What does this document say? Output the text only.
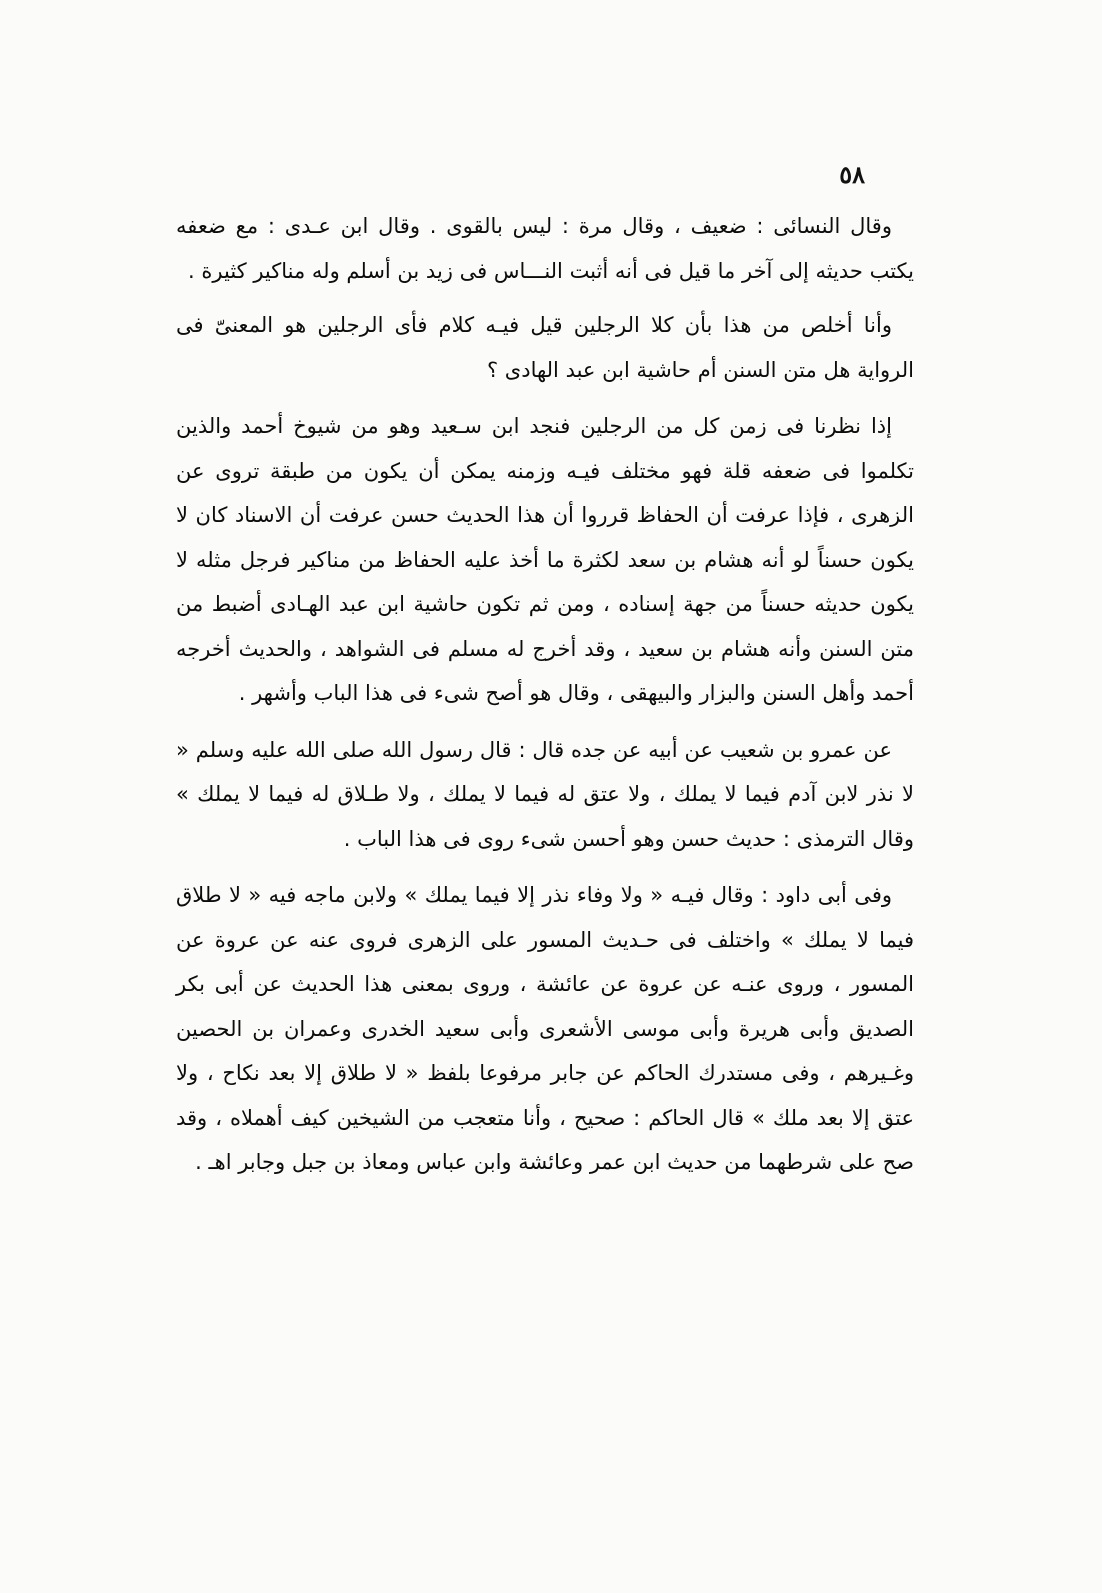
٥٨

وقال النسائى : ضعيف ، وقال مرة : ليس بالقوى . وقال ابن عـدى : مع ضعفه يكتب حديثه إلى آخر ما قيل فى أنه أثبت النـــاس فى زيد بن أسلم وله مناكير كثيرة .

وأنا أخلص من هذا بأن كلا الرجلين قيل فيـه كلام فأى الرجلين هو المعنىّ فى الرواية هل متن السنن أم حاشية ابن عبد الهادى ؟

إذا نظرنا فى زمن كل من الرجلين فنجد ابن سـعيد وهو من شيوخ أحمد والذين تكلموا فى ضعفه قلة فهو مختلف فيـه وزمنه يمكن أن يكون من طبقة تروى عن الزهرى ، فإذا عرفت أن الحفاظ قرروا أن هذا الحديث حسن عرفت أن الاسناد كان لا يكون حسناً لو أنه هشام بن سعد لكثرة ما أخذ عليه الحفاظ من مناكير فرجل مثله لا يكون حديثه حسناً من جهة إسناده ، ومن ثم تكون حاشية ابن عبد الهـادى أضبط من متن السنن وأنه هشام بن سعيد ، وقد أخرج له مسلم فى الشواهد ، والحديث أخرجه أحمد وأهل السنن والبزار والبيهقى ، وقال هو أصح شىء فى هذا الباب وأشهر .

عن عمرو بن شعيب عن أبيه عن جده قال : قال رسول الله صلى الله عليه وسلم « لا نذر لابن آدم فيما لا يملك ، ولا عتق له فيما لا يملك ، ولا طـلاق له فيما لا يملك » وقال الترمذى : حديث حسن وهو أحسن شىء روى فى هذا الباب .

وفى أبى داود : وقال فيـه « ولا وفاء نذر إلا فيما يملك » ولابن ماجه فيه « لا طلاق فيما لا يملك » واختلف فى حـديث المسور على الزهرى فروى عنه عن عروة عن المسور ، وروى عنـه عن عروة عن عائشة ، وروى بمعنى هذا الحديث عن أبى بكر الصديق وأبى هريرة وأبى موسى الأشعرى وأبى سعيد الخدرى وعمران بن الحصين وغـيرهم ، وفى مستدرك الحاكم عن جابر مرفوعا بلفظ « لا طلاق إلا بعد نكاح ، ولا عتق إلا بعد ملك » قال الحاكم : صحيح ، وأنا متعجب من الشيخين كيف أهملاه ، وقد صح على شرطهما من حديث ابن عمر وعائشة وابن عباس ومعاذ بن جبل وجابر اهـ .
